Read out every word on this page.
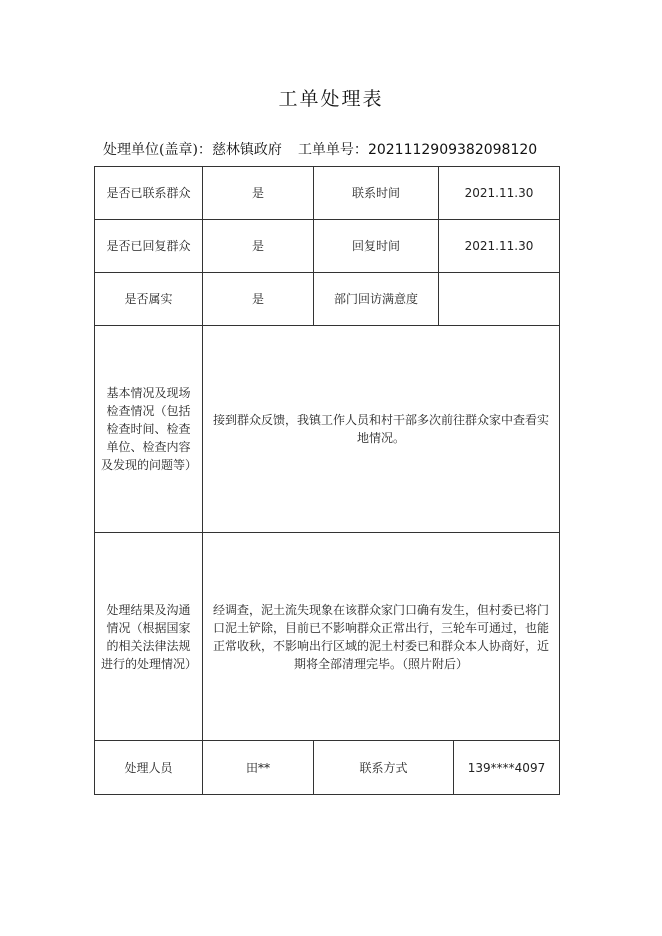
工单处理表
处理单位(盖章)：慈林镇政府 工单单号：2021112909382098120
是否已联系群众	是	联系时间	2021.11.30	
是否已回复群众	是	回复时间	2021.11.30	
是否属实	是	部门回访满意度		
基本情况及现场检查情况（包括检查时间、检查单位、检查内容及发现的问题等）	接到群众反馈，我镇工作人员和村干部多次前往群众家中查看实地情况。			
处理结果及沟通情况（根据国家的相关法律法规进行的处理情况）	经调查，泥土流失现象在该群众家门口确有发生，但村委已将门口泥土铲除，目前已不影响群众正常出行，三轮车可通过，也能正常收秋，不影响出行区域的泥土村委已和群众本人协商好，近期将全部清理完毕。（照片附后）			
处理人员	田**	联系方式		139****4097
